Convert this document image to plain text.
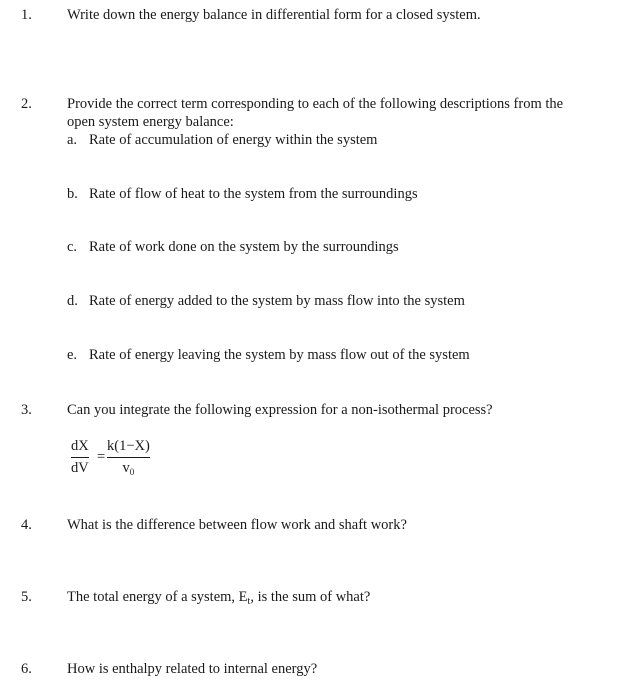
1.	Write down the energy balance in differential form for a closed system.
2.	Provide the correct term corresponding to each of the following descriptions from the
open system energy balance:
a. Rate of accumulation of energy within the system
b. Rate of flow of heat to the system from the surroundings
c. Rate of work done on the system by the surroundings
d. Rate of energy added to the system by mass flow into the system
e. Rate of energy leaving the system by mass flow out of the system
3.	Can you integrate the following expression for a non-isothermal process?
dX
dV
=
k(1−X)
$v_0$
4.	What is the difference between flow work and shaft work?
5.	The total energy of a system, $E_t$, is the sum of what?
6.	How is enthalpy related to internal energy?
